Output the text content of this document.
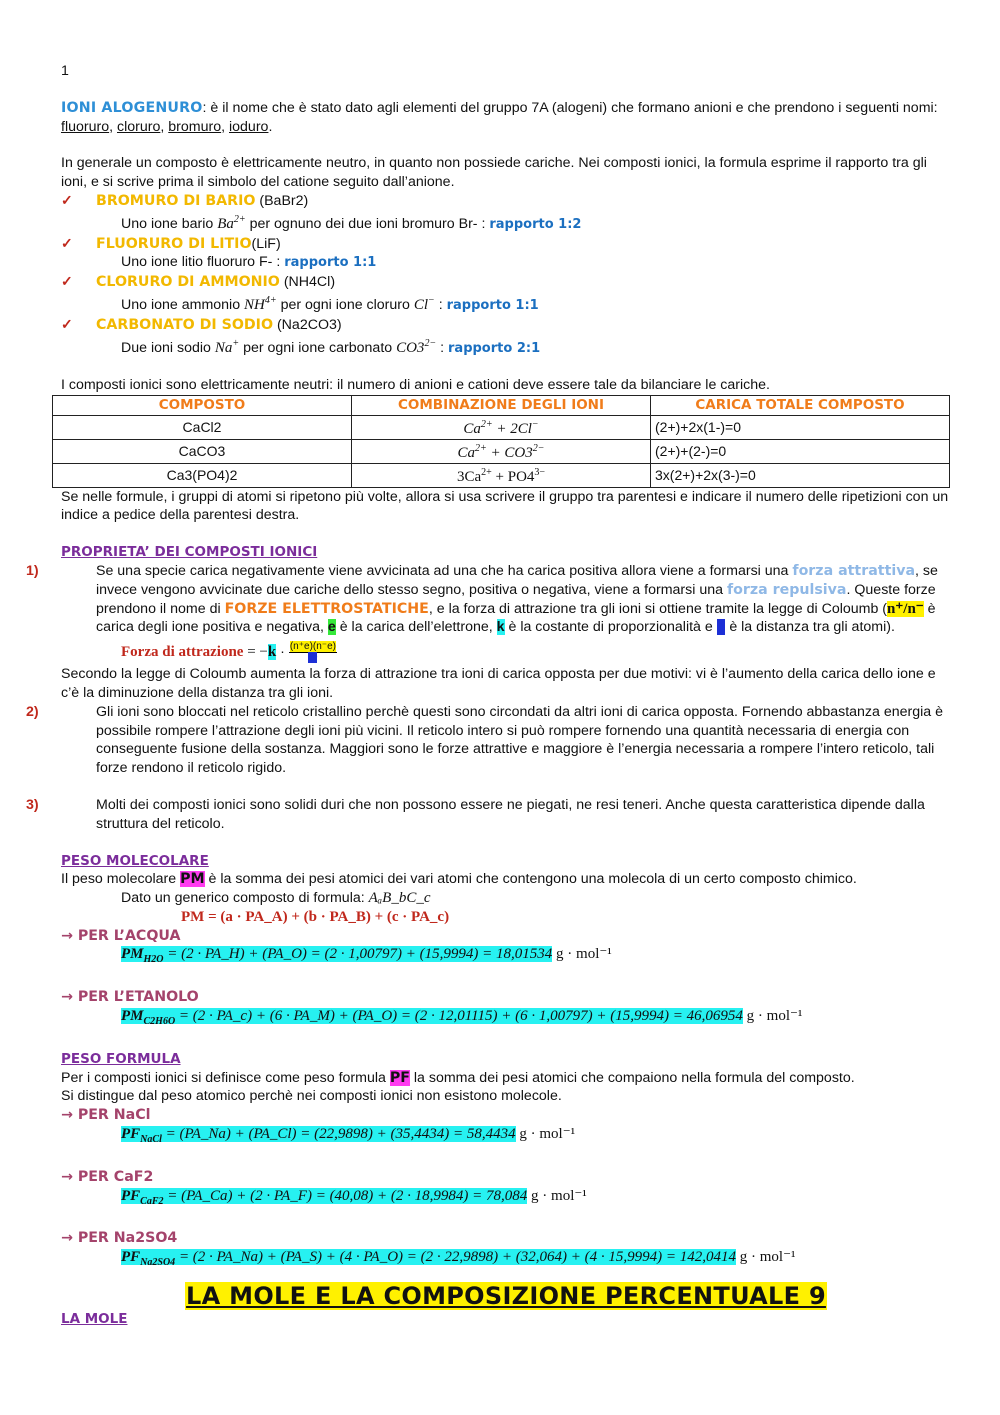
1

IONI ALOGENURO: è il nome che è stato dato agli elementi del gruppo 7A (alogeni) che formano anioni e che prendono i seguenti nomi: fluoruro, cloruro, bromuro, ioduro.

In generale un composto è elettricamente neutro, in quanto non possiede cariche. Nei composti ionici, la formula esprime il rapporto tra gli ioni, e si scrive prima il simbolo del catione seguito dall’anione.

✓ BROMURO DI BARIO (BaBr2)

Uno ione bario $Ba^{2+}$ per ognuno dei due ioni bromuro Br- : rapporto 1:2

✓ FLUORURO DI LITIO(LiF)

Uno ione litio fluoruro F- : rapporto 1:1

✓ CLORURO DI AMMONIO (NH4Cl)

Uno ione ammonio $NH^{4+}$ per ogni ione cloruro Cl− : rapporto 1:1

✓ CARBONATO DI SODIO (Na2CO3)

Due ioni sodio Na+ per ogni ione carbonato $CO3^{2-}$ : rapporto 2:1

I composti ionici sono elettricamente neutri: il numero di anioni e cationi deve essere tale da bilanciare le cariche.

COMPOSTO	COMBINAZIONE DEGLI IONI	CARICA TOTALE COMPOSTO
CaCl2	$Ca^{2+} + 2Cl^-$	(2+)+2x(1-)=0
CaCO3	$Ca^{2+} + CO3^{2-}$	(2+)+(2-)=0
Ca3(PO4)2	$3Ca^{2+} + PO4^{3-}$	3x(2+)+2x(3-)=0

Se nelle formule, i gruppi di atomi si ripetono più volte, allora si usa scrivere il gruppo tra parentesi e indicare il numero delle ripetizioni con un indice a pedice della parentesi destra.

PROPRIETA’ DEI COMPOSTI IONICI

1)	Se una specie carica negativamente viene avvicinata ad una che ha carica positiva allora viene a formarsi una forza attrattiva, se invece vengono avvicinate due cariche dello stesso segno, positiva o negativa, viene a formarsi una forza repulsiva. Queste forze prendono il nome di FORZE ELETTROSTATICHE, e la forza di attrazione tra gli ioni si ottiene tramite la legge di Coloumb (n⁺/n⁻ è carica degli ione positiva e negativa, e è la carica dell’elettrone, k è la costante di proporzionalità e d è la distanza tra gli atomi).

Forza di attrazione = $-k \cdot \frac{(n^+e)(n^-e)}{\text{d²}}$

Secondo la legge di Coloumb aumenta la forza di attrazione tra ioni di carica opposta per due motivi: vi è l’aumento della carica dello ione e c’è la diminuzione della distanza tra gli ioni.

2)	Gli ioni sono bloccati nel reticolo cristallino perchè questi sono circondati da altri ioni di carica opposta. Fornendo abbastanza energia è possibile rompere l’attrazione degli ioni più vicini. Il reticolo intero si può rompere fornendo una quantità necessaria di energia con conseguente fusione della sostanza. Maggiori sono le forze attrattive e maggiore è l’energia necessaria a rompere l’intero reticolo, tali forze rendono il reticolo rigido.

3)	Molti dei composti ionici sono solidi duri che non possono essere ne piegati, ne resi teneri. Anche questa caratteristica dipende dalla struttura del reticolo.

PESO MOLECOLARE

Il peso molecolare PM è la somma dei pesi atomici dei vari atomi che contengono una molecola di un certo composto chimico.

Dato un generico composto di formula: AₐB_bC_c

PM = (a · PA_A) + (b · PA_B) + (c · PA_c)

→ PER L’ACQUA

$PM_{H2O} = (2$ · PA_H) + (PA_O) = (2 · 1,00797) + (15,9994) = 18,01534 g · mol⁻¹

→ PER L’ETANOLO

$PM_{C2H6O} = (2$ · PA_c) + (6 · PA_M) + (PA_O) = (2 · 12,01115) + (6 · 1,00797) + (15,9994) = 46,06954 g · mol⁻¹

PESO FORMULA

Per i composti ionici si definisce come peso formula PF la somma dei pesi atomici che compaiono nella formula del composto.

Si distingue dal peso atomico perchè nei composti ionici non esistono molecole.

→ PER NaCl

$PF_{NaCl}$ = (PA_Na) + (PA_Cl) = (22,9898) + (35,4434) = 58,4434 g · mol⁻¹

→ PER CaF2

$PF_{CaF2}$ = (PA_Ca) + (2 · PA_F) = (40,08) + (2 · 18,9984) = 78,084 g · mol⁻¹

→ PER Na2SO4

$PF_{Na2SO4} = (2$ · PA_Na) + (PA_S) + (4 · PA_O) = (2 · 22,9898) + (32,064) + (4 · 15,9994) = 142,0414 g · mol⁻¹

LA MOLE E LA COMPOSIZIONE PERCENTUALE 9

LA MOLE
